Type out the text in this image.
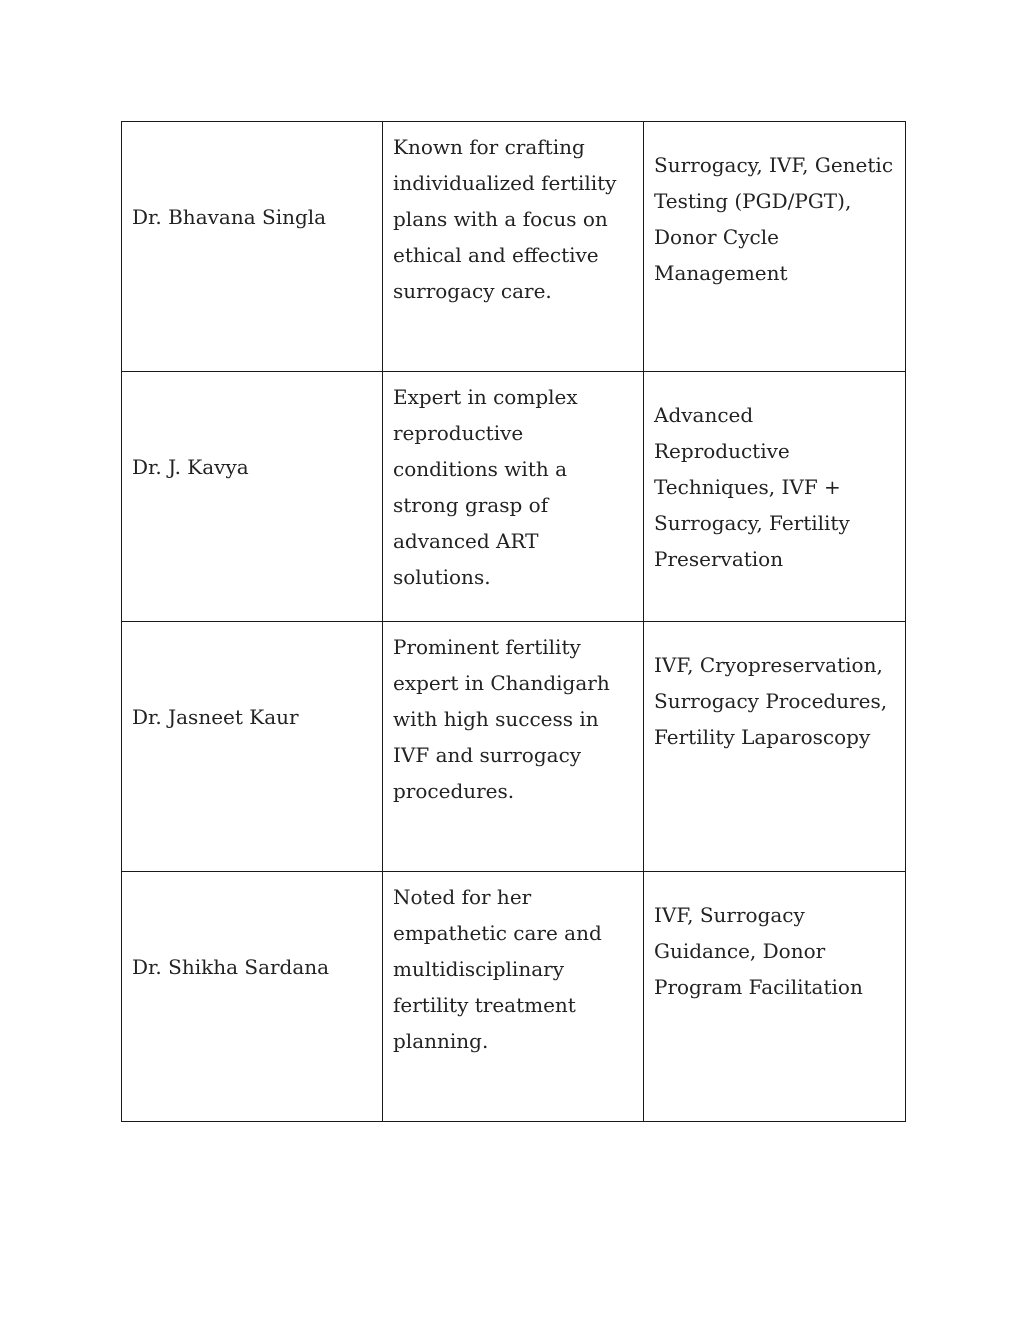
Dr. Bhavana Singla	Known for crafting individualized fertility plans with a focus on ethical and effective surrogacy care.	Surrogacy, IVF, Genetic Testing (PGD/PGT), Donor Cycle Management

Dr. J. Kavya	Expert in complex reproductive conditions with a strong grasp of advanced ART solutions.	Advanced Reproductive Techniques, IVF + Surrogacy, Fertility Preservation

Dr. Jasneet Kaur	Prominent fertility expert in Chandigarh with high success in IVF and surrogacy procedures.	IVF, Cryopreservation, Surrogacy Procedures, Fertility Laparoscopy

Dr. Shikha Sardana	Noted for her empathetic care and multidisciplinary fertility treatment planning.	IVF, Surrogacy Guidance, Donor Program Facilitation
